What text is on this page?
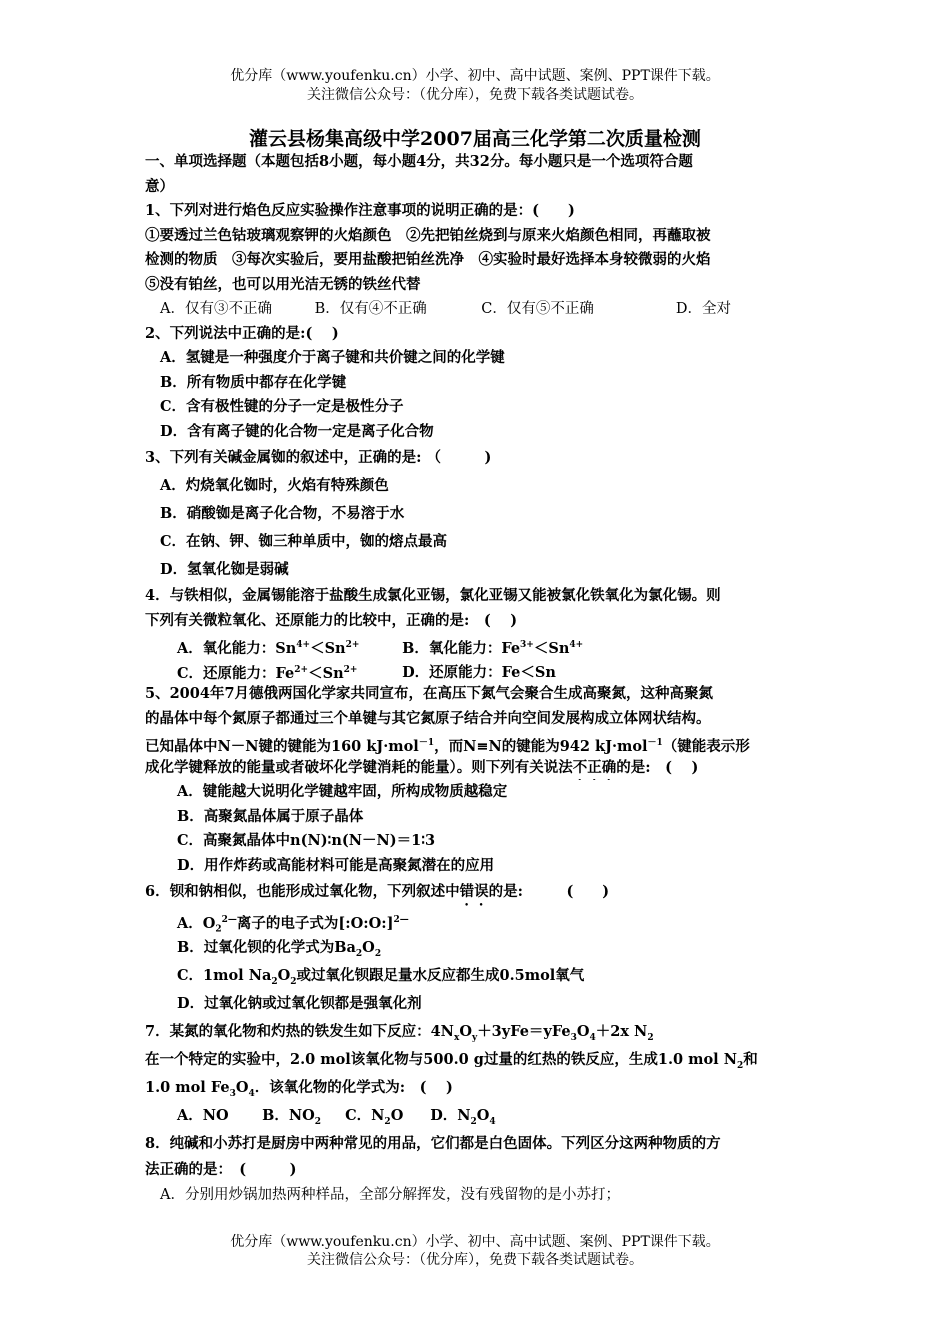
优分库（www.youfenku.cn）小学、初中、高中试题、案例、PPT课件下载。
关注微信公众号：（优分库），免费下载各类试题试卷。
灌云县杨集高级中学2007届高三化学第二次质量检测
一、单项选择题（本题包括8小题，每小题4分，共32分。每小题只是一个选项符合题
意）
1、下列对进行焰色反应实验操作注意事项的说明正确的是：(　　)
①要透过兰色钴玻璃观察钾的火焰颜色　②先把铂丝烧到与原来火焰颜色相同，再蘸取被
检测的物质　③每次实验后，要用盐酸把铂丝洗净　④实验时最好选择本身较微弱的火焰
⑤没有铂丝，也可以用光洁无锈的铁丝代替
A．仅有③不正确	B．仅有④不正确	C．仅有⑤不正确	D．全对
2、下列说法中正确的是:(　 )
A．氢键是一种强度介于离子键和共价键之间的化学键
B．所有物质中都存在化学键
C．含有极性键的分子一定是极性分子
D．含有离子键的化合物一定是离子化合物
3、下列有关碱金属铷的叙述中，正确的是: （　　　)
A．灼烧氧化铷时，火焰有特殊颜色
B．硝酸铷是离子化合物，不易溶于水
C．在钠、钾、铷三种单质中，铷的熔点最高
D．氢氧化铷是弱碱
4．与铁相似，金属锡能溶于盐酸生成氯化亚锡，氯化亚锡又能被氯化铁氧化为氯化锡。则
下列有关微粒氧化、还原能力的比较中，正确的是:　(　 )
A．氧化能力：$Sn^{4+}<Sn^{2+}$	B．氧化能力：$Fe^{3+}<Sn^{4+}$
C．还原能力：$Fe^{2+}<Sn^{2+}$	D．还原能力：Fe＜Sn
5、2004年7月德俄两国化学家共同宣布，在高压下氮气会聚合生成高聚氮，这种高聚氮
的晶体中每个氮原子都通过三个单键与其它氮原子结合并向空间发展构成立体网状结构。
已知晶体中N－N键的键能为160 kJ·mol$^{-1}$，而N≡N的键能为942 kJ·mol$^{-1}$（键能表示形
成化学键释放的能量或者破坏化学键消耗的能量）。则下列有关说法不正确的是:　(　 )
A．键能越大说明化学键越牢固，所构成物质越稳定
B．高聚氮晶体属于原子晶体
C．高聚氮晶体中n(N)∶n(N－N)＝1∶3
D．用作炸药或高能材料可能是高聚氮潜在的应用
6．钡和钠相似，也能形成过氧化物，下列叙述中错误的是:　　　(　　)
A．$O_2^{2—}$离子的电子式为[:O:O:]$^{2—}$
B．过氧化钡的化学式为$Ba_2O_2$
C．1mol $Na_2O_2$或过氧化钡跟足量水反应都生成0.5mol氧气
D．过氧化钠或过氧化钡都是强氧化剂
7．某氮的氧化物和灼热的铁发生如下反应：$4N_xO_y+3yFe=yFe_3O_4+2x$ $N_2$
在一个特定的实验中，2.0 mol该氧化物与500.0 g过量的红热的铁反应，生成1.0 mol $N_2$和
1.0 mol $Fe_3O_4$．该氧化物的化学式为:　(　 )
A．NO B．$NO_2$ C．$N_2O$ D．$N_2O_4$
8．纯碱和小苏打是厨房中两种常见的用品，它们都是白色固体。下列区分这两种物质的方
法正确的是：　(　　　)
A．分别用炒锅加热两种样品，全部分解挥发，没有残留物的是小苏打；
优分库（www.youfenku.cn）小学、初中、高中试题、案例、PPT课件下载。
关注微信公众号：（优分库），免费下载各类试题试卷。
